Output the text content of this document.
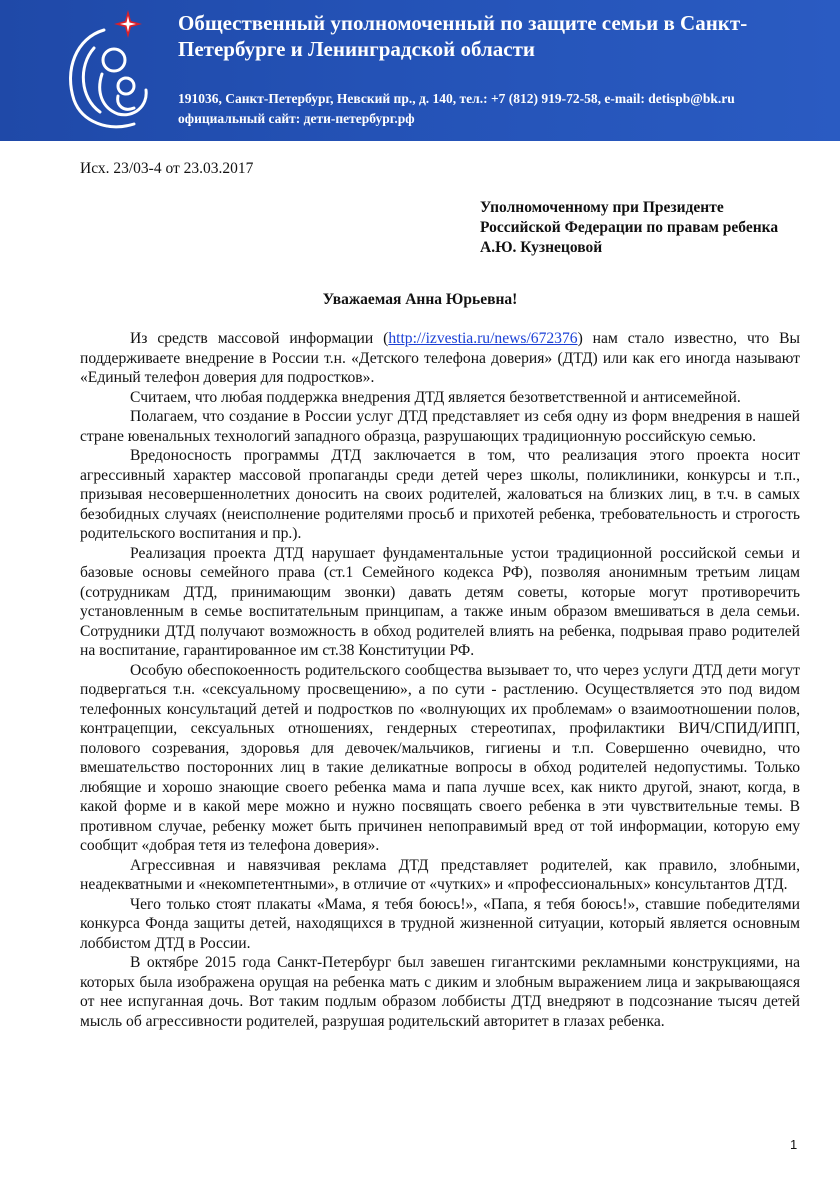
Общественный уполномоченный по защите семьи в Санкт-Петербурге и Ленинградской области
191036, Санкт-Петербург, Невский пр., д. 140, тел.: +7 (812) 919-72-58, e-mail: detispb@bk.ru
официальный сайт: дети-петербург.рф
Исх. 23/03-4 от 23.03.2017
Уполномоченному при Президенте Российской Федерации по правам ребенка А.Ю. Кузнецовой
Уважаемая Анна Юрьевна!

Из средств массовой информации (http://izvestia.ru/news/672376) нам стало известно, что Вы поддерживаете внедрение в России т.н. «Детского телефона доверия» (ДТД) или как его иногда называют «Единый телефон доверия для подростков».

Считаем, что любая поддержка внедрения ДТД является безответственной и антисемейной.

Полагаем, что создание в России услуг ДТД представляет из себя одну из форм внедрения в нашей стране ювенальных технологий западного образца, разрушающих традиционную российскую семью.

Вредоносность программы ДТД заключается в том, что реализация этого проекта носит агрессивный характер массовой пропаганды среди детей через школы, поликлиники, конкурсы и т.п., призывая несовершеннолетних доносить на своих родителей, жаловаться на близких лиц, в т.ч. в самых безобидных случаях (неисполнение родителями просьб и прихотей ребенка, требовательность и строгость родительского воспитания и пр.).

Реализация проекта ДТД нарушает фундаментальные устои традиционной российской семьи и базовые основы семейного права (ст.1 Семейного кодекса РФ), позволяя анонимным третьим лицам (сотрудникам ДТД, принимающим звонки) давать детям советы, которые могут противоречить установленным в семье воспитательным принципам, а также иным образом вмешиваться в дела семьи. Сотрудники ДТД получают возможность в обход родителей влиять на ребенка, подрывая право родителей на воспитание, гарантированное им ст.38 Конституции РФ.

Особую обеспокоенность родительского сообщества вызывает то, что через услуги ДТД дети могут подвергаться т.н. «сексуальному просвещению», а по сути - растлению. Осуществляется это под видом телефонных консультаций детей и подростков по «волнующих их проблемам» о взаимоотношении полов, контрацепции, сексуальных отношениях, гендерных стереотипах, профилактики ВИЧ/СПИД/ИПП, полового созревания, здоровья для девочек/мальчиков, гигиены и т.п. Совершенно очевидно, что вмешательство посторонних лиц в такие деликатные вопросы в обход родителей недопустимы. Только любящие и хорошо знающие своего ребенка мама и папа лучше всех, как никто другой, знают, когда, в какой форме и в какой мере можно и нужно посвящать своего ребенка в эти чувствительные темы. В противном случае, ребенку может быть причинен непоправимый вред от той информации, которую ему сообщит «добрая тетя из телефона доверия».

Агрессивная и навязчивая реклама ДТД представляет родителей, как правило, злобными, неадекватными и «некомпетентными», в отличие от «чутких» и «профессиональных» консультантов ДТД.

Чего только стоят плакаты «Мама, я тебя боюсь!», «Папа, я тебя боюсь!», ставшие победителями конкурса Фонда защиты детей, находящихся в трудной жизненной ситуации, который является основным лоббистом ДТД в России.

В октябре 2015 года Санкт-Петербург был завешен гигантскими рекламными конструкциями, на которых была изображена орущая на ребенка мать с диким и злобным выражением лица и закрывающаяся от нее испуганная дочь. Вот таким подлым образом лоббисты ДТД внедряют в подсознание тысяч детей мысль об агрессивности родителей, разрушая родительский авторитет в глазах ребенка.

1
